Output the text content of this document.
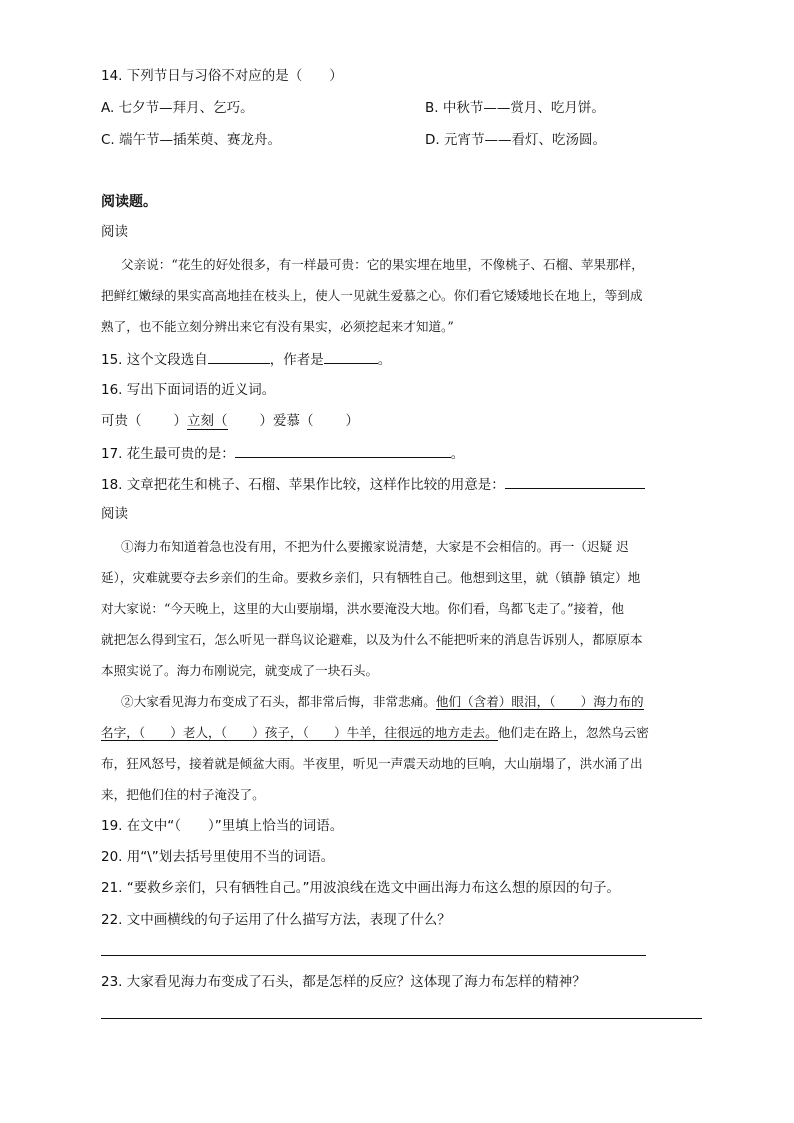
14. 下列节日与习俗不对应的是（　　）
A. 七夕节—拜月、乞巧。	B. 中秋节——赏月、吃月饼。
C. 端午节—插茱萸、赛龙舟。	D. 元宵节——看灯、吃汤圆。
阅读题。
阅读
父亲说：“花生的好处很多，有一样最可贵：它的果实埋在地里，不像桃子、石榴、苹果那样，
把鲜红嫩绿的果实高高地挂在枝头上，使人一见就生爱慕之心。你们看它矮矮地长在地上，等到成
熟了，也不能立刻分辨出来它有没有果实，必须挖起来才知道。”
15. 这个文段选自	，作者是	。
16. 写出下面词语的近义词。
可贵（ ）立刻（ ）爱慕（ ）
17. 花生最可贵的是：	。
18. 文章把花生和桃子、石榴、苹果作比较，这样作比较的用意是：
阅读
①海力布知道着急也没有用，不把为什么要搬家说清楚，大家是不会相信的。再一（迟疑 迟
延），灾难就要夺去乡亲们的生命。要救乡亲们，只有牺牲自己。他想到这里，就（镇静 镇定）地
对大家说：“今天晚上，这里的大山要崩塌，洪水要淹没大地。你们看，鸟都飞走了。”接着，他
就把怎么得到宝石，怎么听见一群鸟议论避难，以及为什么不能把听来的消息告诉别人，都原原本
本照实说了。海力布刚说完，就变成了一块石头。
②大家看见海力布变成了石头，都非常后悔，非常悲痛。他们（含着）眼泪，（　　）海力布的
名字，（　　）老人，（　　）孩子，（　　）牛羊，往很远的地方走去。他们走在路上，忽然乌云密
布，狂风怒号，接着就是倾盆大雨。半夜里，听见一声震天动地的巨响，大山崩塌了，洪水涌了出
来，把他们住的村子淹没了。
19. 在文中“（　　）”里填上恰当的词语。
20. 用“\”划去括号里使用不当的词语。
21. “要救乡亲们，只有牺牲自己。”用波浪线在选文中画出海力布这么想的原因的句子。
22. 文中画横线的句子运用了什么描写方法，表现了什么？
23. 大家看见海力布变成了石头，都是怎样的反应？这体现了海力布怎样的精神？
